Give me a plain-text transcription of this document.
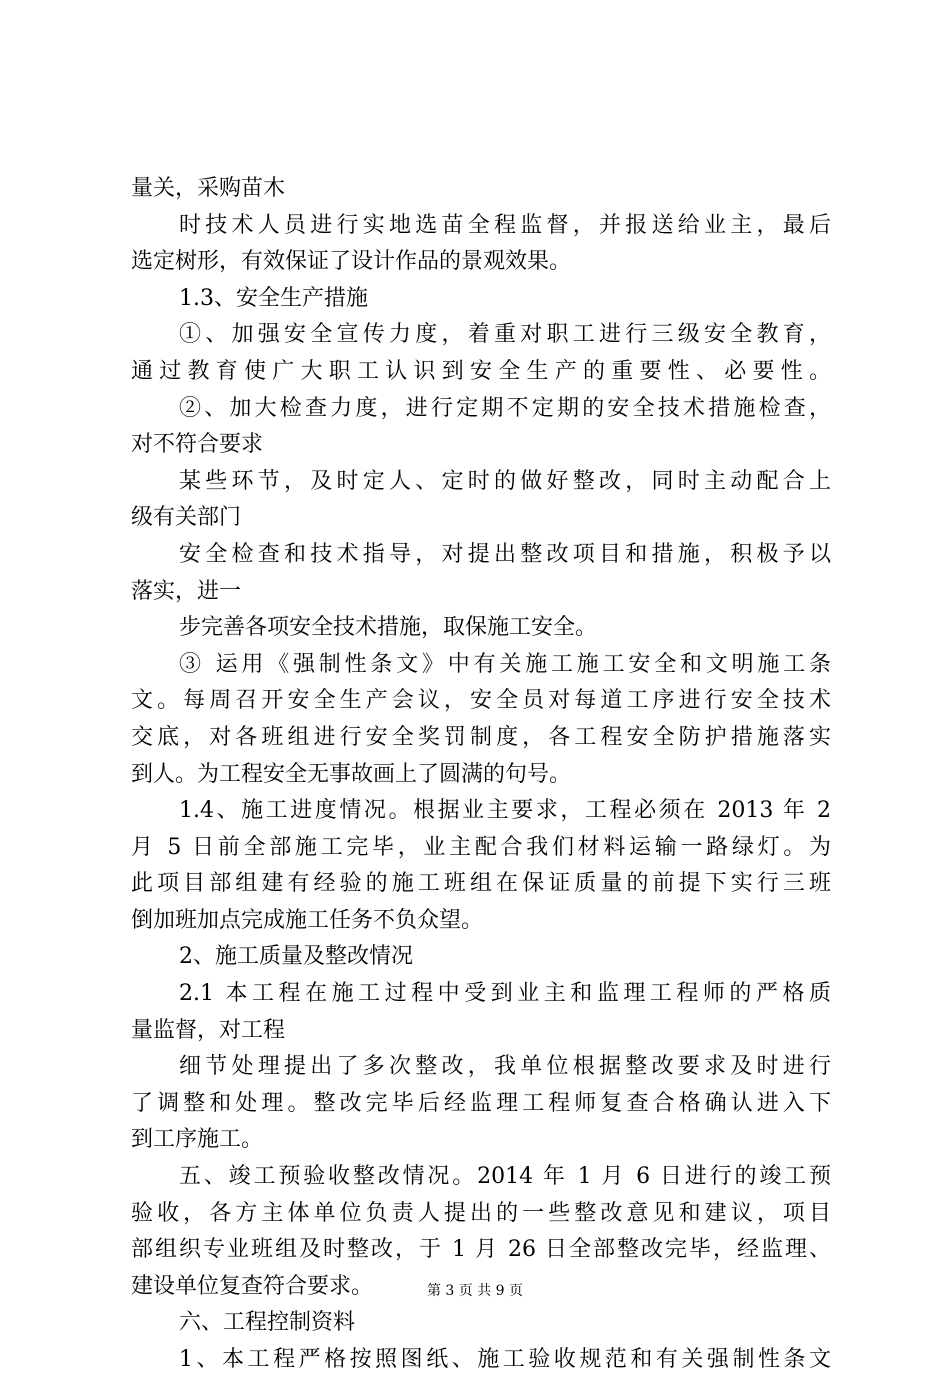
量关，采购苗木
时技术人员进行实地选苗全程监督，并报送给业主，最后
选定树形，有效保证了设计作品的景观效果。
1.3、安全生产措施
①、加强安全宣传力度，着重对职工进行三级安全教育，
通过教育使广大职工认识到安全生产的重要性、必要性。
②、加大检查力度，进行定期不定期的安全技术措施检查，
对不符合要求
某些环节，及时定人、定时的做好整改，同时主动配合上
级有关部门
安全检查和技术指导，对提出整改项目和措施，积极予以
落实，进一
步完善各项安全技术措施，取保施工安全。
③ 运用《强制性条文》中有关施工施工安全和文明施工条
文。每周召开安全生产会议，安全员对每道工序进行安全技术
交底，对各班组进行安全奖罚制度，各工程安全防护措施落实
到人。为工程安全无事故画上了圆满的句号。
1.4、施工进度情况。根据业主要求，工程必须在 2013 年 2
月 5 日前全部施工完毕，业主配合我们材料运输一路绿灯。为
此项目部组建有经验的施工班组在保证质量的前提下实行三班
倒加班加点完成施工任务不负众望。
2、施工质量及整改情况
2.1 本工程在施工过程中受到业主和监理工程师的严格质
量监督，对工程
细节处理提出了多次整改，我单位根据整改要求及时进行
了调整和处理。整改完毕后经监理工程师复查合格确认进入下
到工序施工。
五、竣工预验收整改情况。2014 年 1 月 6 日进行的竣工预
验收，各方主体单位负责人提出的一些整改意见和建议，项目
部组织专业班组及时整改，于 1 月 26 日全部整改完毕，经监理、
建设单位复查符合要求。
六、工程控制资料
1、本工程严格按照图纸、施工验收规范和有关强制性条文
第 3 页 共 9 页
